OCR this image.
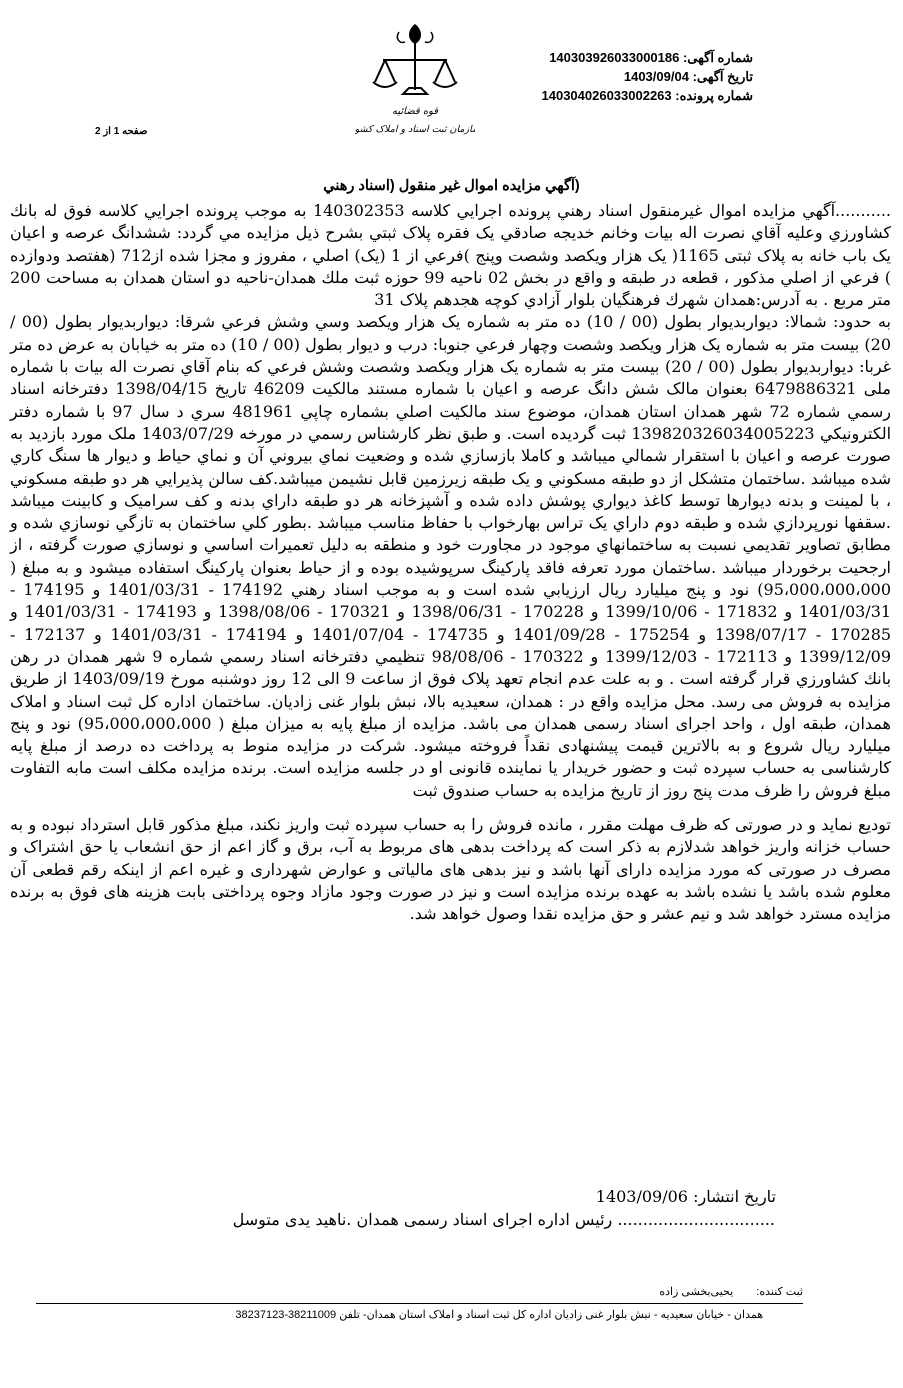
شماره آگهی: 140303926033000186
تاریخ آگهی: 1403/09/04
شماره پرونده: 140304026033002263
قوه قضائیه
سازمان ثبت اسناد و املاک کشور
صفحه 1 از 2
(آگهي مزايده اموال غير منقول (اسناد رهني

...........آگهي مزايده اموال غيرمنقول اسناد رهني پرونده اجرايي كلاسه 140302353 به موجب پرونده اجرايي كلاسه فوق له بانك كشاورزي وعليه آقاي نصرت اله بيات وخانم خديجه صادقي يک فقره پلاک ثبتي بشرح ذيل مزايده مي گردد: ششدانگ عرصه و اعيان يک باب خانه به پلاک ثبتی 1165( يک هزار ويکصد وشصت وپنج )فرعي از 1 (يک) اصلي ، مفروز و مجزا شده از712 (هفتصد ودوازده ) فرعي از اصلي مذكور ، قطعه در طبقه و واقع در بخش 02 ناحيه 99 حوزه ثبت ملك همدان-ناحيه دو استان همدان به مساحت 200 متر مربع . به آدرس:همدان شهرك فرهنگيان بلوار آزادي كوچه هجدهم پلاک 31

به حدود: شمالا: ديواربديوار بطول (00 / 10) ده متر به شماره يک هزار ويکصد وسي وشش فرعي شرقا: ديواربديوار بطول (00 / 20) بيست متر به شماره يک هزار ويکصد وشصت وچهار فرعي جنوبا: درب و ديوار بطول (00 / 10) ده متر به خيابان به عرض ده متر غربا: ديواربديوار بطول (00 / 20) بيست متر به شماره يک هزار ويکصد وشصت وشش فرعي كه بنام آقاي نصرت اله بيات با شماره ملی 6479886321 بعنوان مالک شش دانگ عرصه و اعيان با شماره مستند مالكيت 46209 تاريخ 1398/04/15 دفترخانه اسناد رسمي شماره 72 شهر همدان استان همدان، موضوع سند مالكيت اصلي بشماره چاپي 481961 سري د سال 97 با شماره دفتر الكترونيكي 139820326034005223 ثبت گرديده است. و طبق نظر كارشناس رسمي در مورخه 1403/07/29 ملک مورد بازديد به صورت عرصه و اعيان با استقرار شمالي ميباشد و كاملا بازسازي شده و وضعيت نماي بيروني آن و نماي حياط و ديوار ها سنگ كاري شده ميباشد .ساختمان متشكل از دو طبقه مسكوني و يک طبقه زيرزمين قابل نشيمن ميباشد.كف سالن پذيرايي هر دو طبقه مسكوني ، با لمينت و بدنه ديوارها توسط كاغذ ديواري پوشش داده شده و آشپزخانه هر دو طبقه داراي بدنه و كف سراميک و كابينت ميباشد .سقفها نورپردازي شده و طبقه دوم داراي يک تراس بهارخواب با حفاظ مناسب ميباشد .بطور كلي ساختمان به تازگي نوسازي شده و مطابق تصاوير تقديمي نسبت به ساختمانهاي موجود در مجاورت خود و منطقه به دليل تعميرات اساسي و نوسازي صورت گرفته ، از ارجحيت برخوردار ميباشد .ساختمان مورد تعرفه فاقد پاركينگ سرپوشيده بوده و از حياط بعنوان پاركينگ استفاده ميشود و به مبلغ ( 95،000،000،000) نود و پنج ميليارد ريال ارزيابي شده است و به موجب اسناد رهني 174192 - 1401/03/31 و 174195 - 1401/03/31 و 171832 - 1399/10/06 و 170228 - 1398/06/31 و 170321 - 1398/08/06 و 174193 - 1401/03/31 و 170285 - 1398/07/17 و 175254 - 1401/09/28 و 174735 - 1401/07/04 و 174194 - 1401/03/31 و 172137 - 1399/12/09 و 172113 - 1399/12/03 و 170322 - 98/08/06 تنظيمي دفترخانه اسناد رسمي شماره 9 شهر همدان در رهن بانك كشاورزي قرار گرفته است . و به علت عدم انجام تعهد پلاک فوق از ساعت 9 الی 12 روز دوشنبه مورخ 1403/09/19 از طريق مزايده به فروش می رسد. محل مزايده واقع در : همدان، سعيديه بالا، نبش بلوار غنی زاديان. ساختمان اداره كل ثبت اسناد و املاک همدان، طبقه اول ، واحد اجرای اسناد رسمی همدان می باشد. مزايده از مبلغ پايه به ميزان مبلغ ( 95،000،000،000) نود و پنج ميليارد ريال شروع و به بالاترين قيمت پيشنهادی نقداً فروخته ميشود. شركت در مزايده منوط به پرداخت ده درصد از مبلغ پايه كارشناسی به حساب سپرده ثبت و حضور خريدار يا نماينده قانونی او در جلسه مزايده است. برنده مزايده مكلف است مابه التفاوت مبلغ فروش را ظرف مدت پنج روز از تاريخ مزايده به حساب صندوق ثبت

توديع نمايد و در صورتی كه ظرف مهلت مقرر ، مانده فروش را به حساب سپرده ثبت واريز نكند، مبلغ مذكور قابل استرداد نبوده و به حساب خزانه واريز خواهد شدلازم به ذكر است كه پرداخت بدهی های مربوط به آب، برق و گاز اعم از حق انشعاب يا حق اشتراک و مصرف در صورتی كه مورد مزايده دارای آنها باشد و نيز بدهی های مالياتی و عوارض شهرداری و غيره اعم از اينكه رقم قطعی آن معلوم شده باشد يا نشده باشد به عهده برنده مزايده است و نيز در صورت وجود مازاد وجوه پرداختی بابت هزينه های فوق به برنده مزايده مسترد خواهد شد و نيم عشر و حق مزايده نقدا وصول خواهد شد.

تاریخ انتشار: 1403/09/06
............................... رئيس اداره اجرای اسناد رسمی همدان .ناهيد يدی متوسل
ثبت کننده: یحیی‌بخشی زاده
همدان - خیابان سعیدیه - نبش بلوار غنی زادیان اداره کل ثبت اسناد و املاک استان همدان- تلفن 38211009-38237123
